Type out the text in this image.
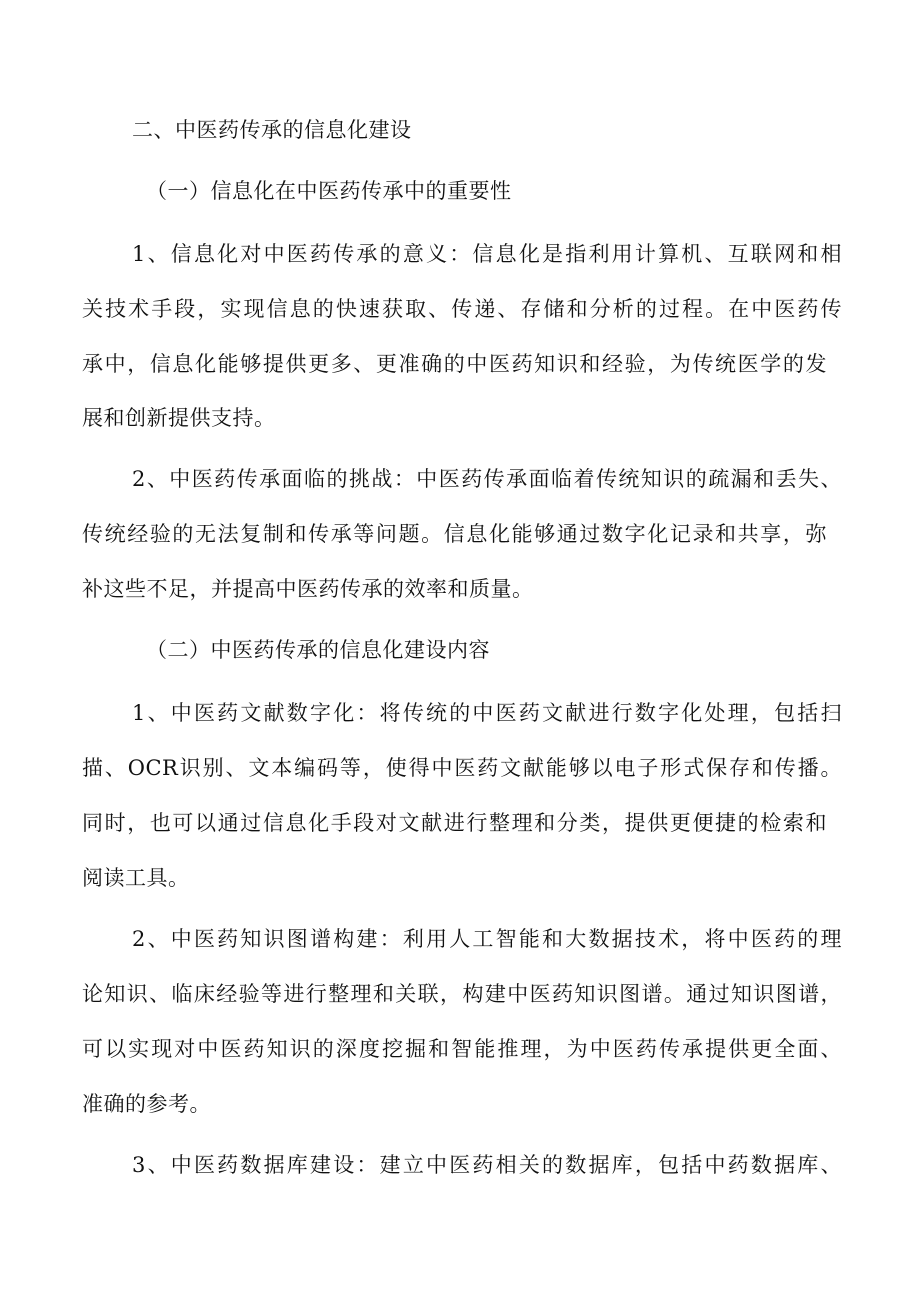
二、中医药传承的信息化建设
（一）信息化在中医药传承中的重要性
1、信息化对中医药传承的意义：信息化是指利用计算机、互联网和相
关技术手段，实现信息的快速获取、传递、存储和分析的过程。在中医药传
承中，信息化能够提供更多、更准确的中医药知识和经验，为传统医学的发
展和创新提供支持。
2、中医药传承面临的挑战：中医药传承面临着传统知识的疏漏和丢失、
传统经验的无法复制和传承等问题。信息化能够通过数字化记录和共享，弥
补这些不足，并提高中医药传承的效率和质量。
（二）中医药传承的信息化建设内容
1、中医药文献数字化：将传统的中医药文献进行数字化处理，包括扫
描、OCR识别、文本编码等，使得中医药文献能够以电子形式保存和传播。
同时，也可以通过信息化手段对文献进行整理和分类，提供更便捷的检索和
阅读工具。
2、中医药知识图谱构建：利用人工智能和大数据技术，将中医药的理
论知识、临床经验等进行整理和关联，构建中医药知识图谱。通过知识图谱，
可以实现对中医药知识的深度挖掘和智能推理，为中医药传承提供更全面、
准确的参考。
3、中医药数据库建设：建立中医药相关的数据库，包括中药数据库、
